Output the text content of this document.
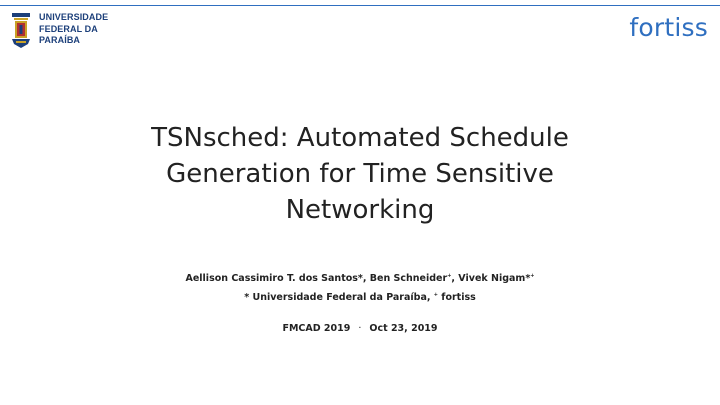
UNIVERSIDADE
FEDERAL DA
PARAÍBA	fortiss
TSNsched: Automated Schedule
Generation for Time Sensitive
Networking
Aellison Cassimiro T. dos Santos*, Ben Schneider+, Vivek Nigam*+
* Universidade Federal da Paraíba, + fortiss
FMCAD 2019 · Oct 23, 2019
